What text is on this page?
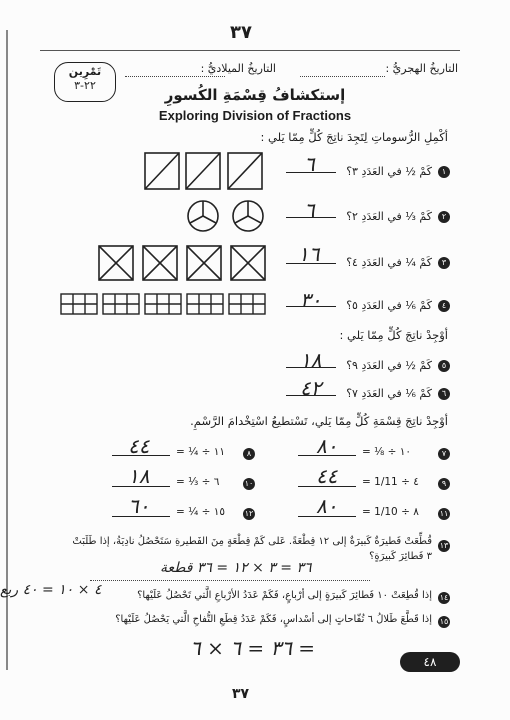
٣٧
التاريخُ الهجريُّ :
التاريخُ الميلاديُّ :
تَمْرِين
٢٢-٣
إستكشافُ قِسْمَةِ الكُسورِ
Exploring Division of Fractions
أكْمِلِ الرُّسوماتِ لِتَجِدَ ناتِجَ كُلٍّ مِمّا يَلي :
١
كَمْ ½ في العَدَدِ ٣؟
٦
٢
كَمْ ⅓ في العَدَدِ ٢؟
٦
٣
كَمْ ¼ في العَدَدِ ٤؟
١٦
٤
كَمْ ⅙ في العَدَدِ ٥؟
٣٠
أوْجِدْ ناتِجَ كُلٍّ مِمّا يَلي :
٥
كَمْ ½ في العَدَدِ ٩؟
١٨
٦
كَمْ ⅙ في العَدَدِ ٧؟
٤٢
أوْجِدْ ناتِجَ قِسْمَةِ كُلٍّ مِمّا يَلي، تَسْتطيعُ اسْتِخْدامَ الرَّسْمِ.
٧
١٠ ÷ ⅛ =
٨٠
٩
٤ ÷ 1/11 =
٤٤
١١
٨ ÷ 1/10 =
٨٠
٨
١١ ÷ ¼ =
٤٤
١٠
٦ ÷ ⅓ =
١٨
١٢
١٥ ÷ ¼ =
٦٠
١٣
قُطِّعَتْ فَطيرَةٌ كَبيرَةٌ إلى ١٢ قِطْعَةً. عَلى كَمْ قِطْعَةٍ مِنَ الفَطيرةِ سَتَحْصُلُ نادِيَةُ، إذا طَلَبَتْ ٣ فَطائِرَ كَبيرَةٍ؟
٣٦ = ٣ × ١٢ = ٣٦ قطعة
١٤
إذا قُطِعَتْ ١٠ فَطائِرَ كَبيرَةٍ إلى أرْباعٍ، فَكَمْ عَدَدُ الأرْباعِ الَّتي تَحْصُلُ عَلَيْها؟
٤ × ١٠ = ٤٠ ربع
١٥
إذا قَطَّعَ طَلالُ ٦ تُفّاحاتٍ إلى أسْداسٍ، فَكَمْ عَدَدُ قِطَعِ التُّفاحِ الَّتي يَحْصُلُ عَلَيْها؟
٣٦ = ٦ × ٦ =
٤٨
٣٧
